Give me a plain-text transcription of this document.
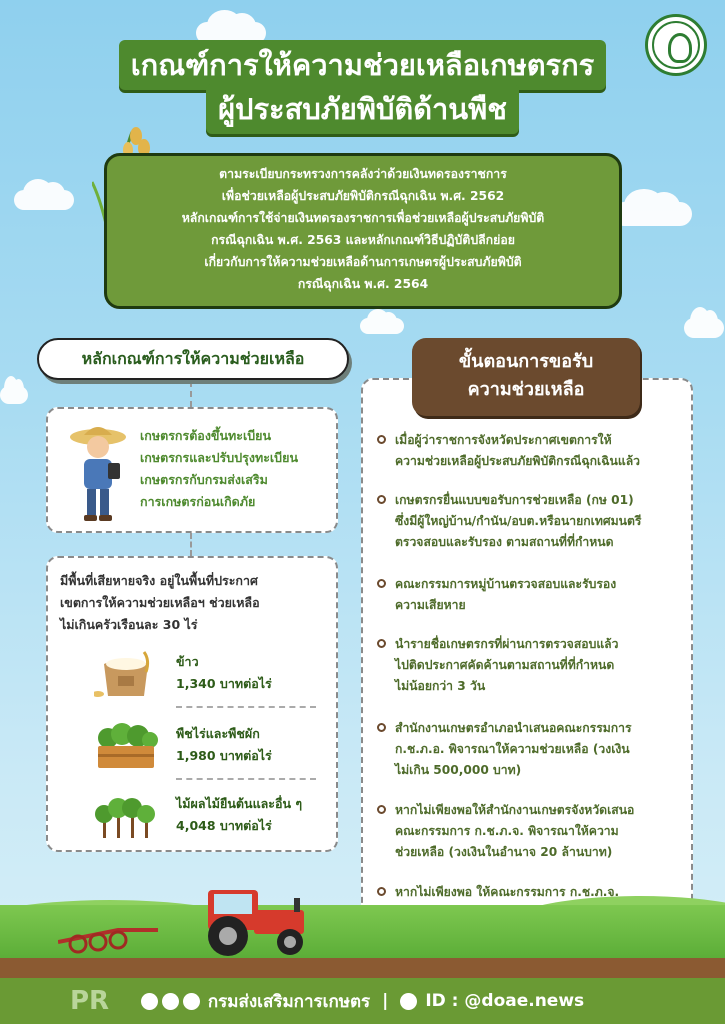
เกณฑ์การให้ความช่วยเหลือเกษตรกร
ผู้ประสบภัยพิบัติด้านพืช
ตามระเบียบกระทรวงการคลังว่าด้วยเงินทดรองราชการ
เพื่อช่วยเหลือผู้ประสบภัยพิบัติกรณีฉุกเฉิน พ.ศ. 2562
หลักเกณฑ์การใช้จ่ายเงินทดรองราชการเพื่อช่วยเหลือผู้ประสบภัยพิบัติ
กรณีฉุกเฉิน พ.ศ. 2563 และหลักเกณฑ์วิธีปฏิบัติปลีกย่อย
เกี่ยวกับการให้ความช่วยเหลือด้านการเกษตรผู้ประสบภัยพิบัติ
กรณีฉุกเฉิน พ.ศ. 2564
หลักเกณฑ์การให้ความช่วยเหลือ
เกษตรกรต้องขึ้นทะเบียน
เกษตรกรและปรับปรุงทะเบียน
เกษตรกรกับกรมส่งเสริม
การเกษตรก่อนเกิดภัย
มีพื้นที่เสียหายจริง อยู่ในพื้นที่ประกาศ
เขตการให้ความช่วยเหลือฯ ช่วยเหลือ
ไม่เกินครัวเรือนละ 30 ไร่
ข้าว
1,340 บาทต่อไร่
พืชไร่และพืชผัก
1,980 บาทต่อไร่
ไม้ผลไม้ยืนต้นและอื่น ๆ
4,048 บาทต่อไร่
เมื่อผู้ว่าราชการจังหวัดประกาศเขตการให้
ความช่วยเหลือผู้ประสบภัยพิบัติกรณีฉุกเฉินแล้ว
เกษตรกรยื่นแบบขอรับการช่วยเหลือ (กษ 01)
ซึ่งมีผู้ใหญ่บ้าน/กำนัน/อบต.หรือนายกเทศมนตรี
ตรวจสอบและรับรอง ตามสถานที่ที่กำหนด
คณะกรรมการหมู่บ้านตรวจสอบและรับรอง
ความเสียหาย
นำรายชื่อเกษตรกรที่ผ่านการตรวจสอบแล้ว
ไปติดประกาศคัดค้านตามสถานที่ที่กำหนด
ไม่น้อยกว่า 3 วัน
สำนักงานเกษตรอำเภอนำเสนอคณะกรรมการ
ก.ช.ภ.อ. พิจารณาให้ความช่วยเหลือ (วงเงิน
ไม่เกิน 500,000 บาท)
หากไม่เพียงพอให้สำนักงานเกษตรจังหวัดเสนอ
คณะกรรมการ ก.ช.ภ.จ. พิจารณาให้ความ
ช่วยเหลือ (วงเงินในอำนาจ 20 ล้านบาท)
หากไม่เพียงพอ ให้คณะกรรมการ ก.ช.ภ.จ.
ขั้นตอนการขอรับ
ความช่วยเหลือ
PR	กรมส่งเสริมการเกษตร | ID : @doae.news
